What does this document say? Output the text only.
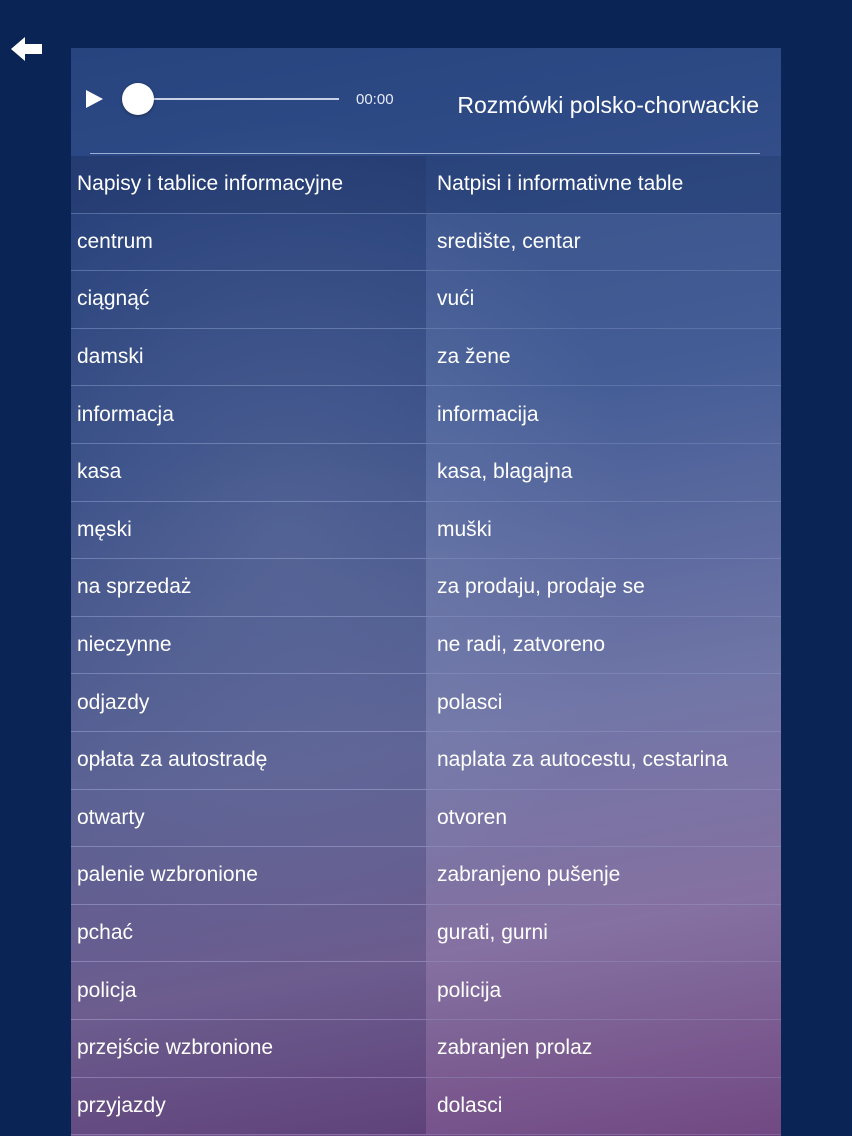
00:00	Rozmówki polsko-chorwackie
Napisy i tablice informacyjne	Natpisi i informativne table
centrum	središte, centar
ciągnąć	vući
damski	za žene
informacja	informacija
kasa	kasa, blagajna
męski	muški
na sprzedaż	za prodaju, prodaje se
nieczynne	ne radi, zatvoreno
odjazdy	polasci
opłata za autostradę	naplata za autocestu, cestarina
otwarty	otvoren
palenie wzbronione	zabranjeno pušenje
pchać	gurati, gurni
policja	policija
przejście wzbronione	zabranjen prolaz
przyjazdy	dolasci
